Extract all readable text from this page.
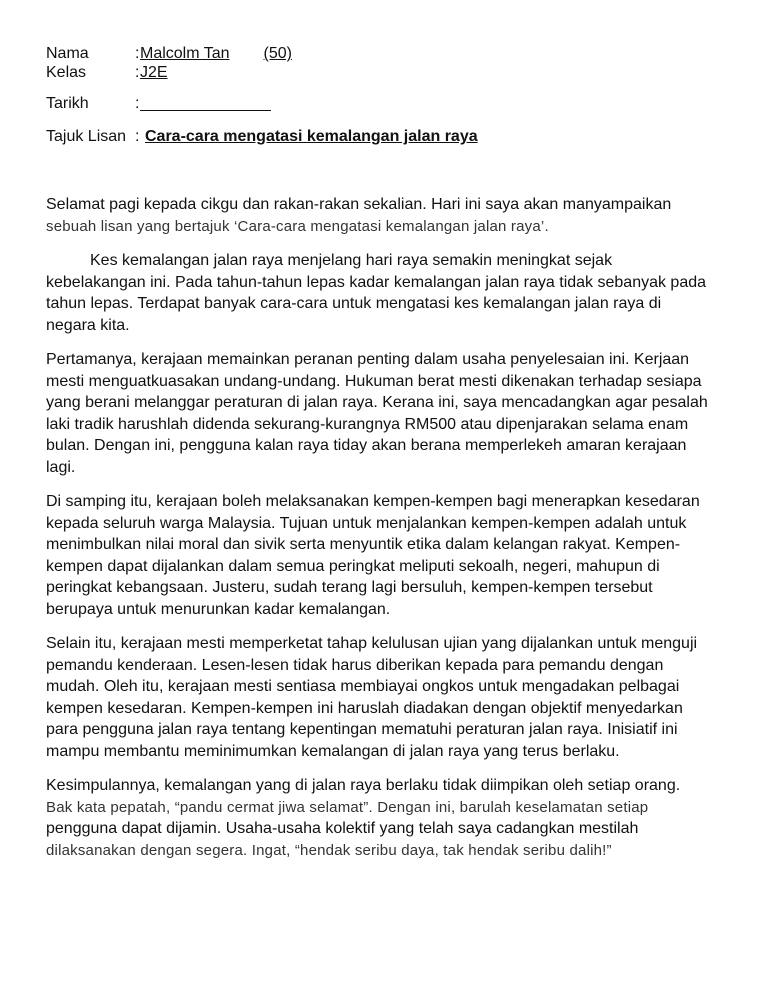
Nama	: Malcolm Tan (50)
Kelas	: J2E
Tarikh	:
Tajuk Lisan : Cara-cara mengatasi kemalangan jalan raya
Selamat pagi kepada cikgu dan rakan-rakan sekalian. Hari ini saya akan manyampaikan
sebuah lisan yang bertajuk ‘Cara-cara mengatasi kemalangan jalan raya’.
Kes kemalangan jalan raya menjelang hari raya semakin meningkat sejak
kebelakangan ini. Pada tahun-tahun lepas kadar kemalangan jalan raya tidak sebanyak pada
tahun lepas. Terdapat banyak cara-cara untuk mengatasi kes kemalangan jalan raya di
negara kita.
Pertamanya, kerajaan memainkan peranan penting dalam usaha penyelesaian ini. Kerjaan
mesti menguatkuasakan undang-undang. Hukuman berat mesti dikenakan terhadap sesiapa
yang berani melanggar peraturan di jalan raya. Kerana ini, saya mencadangkan agar pesalah
laki tradik harushlah didenda sekurang-kurangnya RM500 atau dipenjarakan selama enam
bulan. Dengan ini, pengguna kalan raya tiday akan berana memperlekeh amaran kerajaan
lagi.
Di samping itu, kerajaan boleh melaksanakan kempen-kempen bagi menerapkan kesedaran
kepada seluruh warga Malaysia. Tujuan untuk menjalankan kempen-kempen adalah untuk
menimbulkan nilai moral dan sivik serta menyuntik etika dalam kelangan rakyat. Kempen-
kempen dapat dijalankan dalam semua peringkat meliputi sekoalh, negeri, mahupun di
peringkat kebangsaan. Justeru, sudah terang lagi bersuluh, kempen-kempen tersebut
berupaya untuk menurunkan kadar kemalangan.
Selain itu, kerajaan mesti memperketat tahap kelulusan ujian yang dijalankan untuk menguji
pemandu kenderaan. Lesen-lesen tidak harus diberikan kepada para pemandu dengan
mudah. Oleh itu, kerajaan mesti sentiasa membiayai ongkos untuk mengadakan pelbagai
kempen kesedaran. Kempen-kempen ini haruslah diadakan dengan objektif menyedarkan
para pengguna jalan raya tentang kepentingan mematuhi peraturan jalan raya. Inisiatif ini
mampu membantu meminimumkan kemalangan di jalan raya yang terus berlaku.
Kesimpulannya, kemalangan yang di jalan raya berlaku tidak diimpikan oleh setiap orang.
Bak kata pepatah, “pandu cermat jiwa selamat”. Dengan ini, barulah keselamatan setiap
pengguna dapat dijamin. Usaha-usaha kolektif yang telah saya cadangkan mestilah
dilaksanakan dengan segera. Ingat, “hendak seribu daya, tak hendak seribu dalih!”
